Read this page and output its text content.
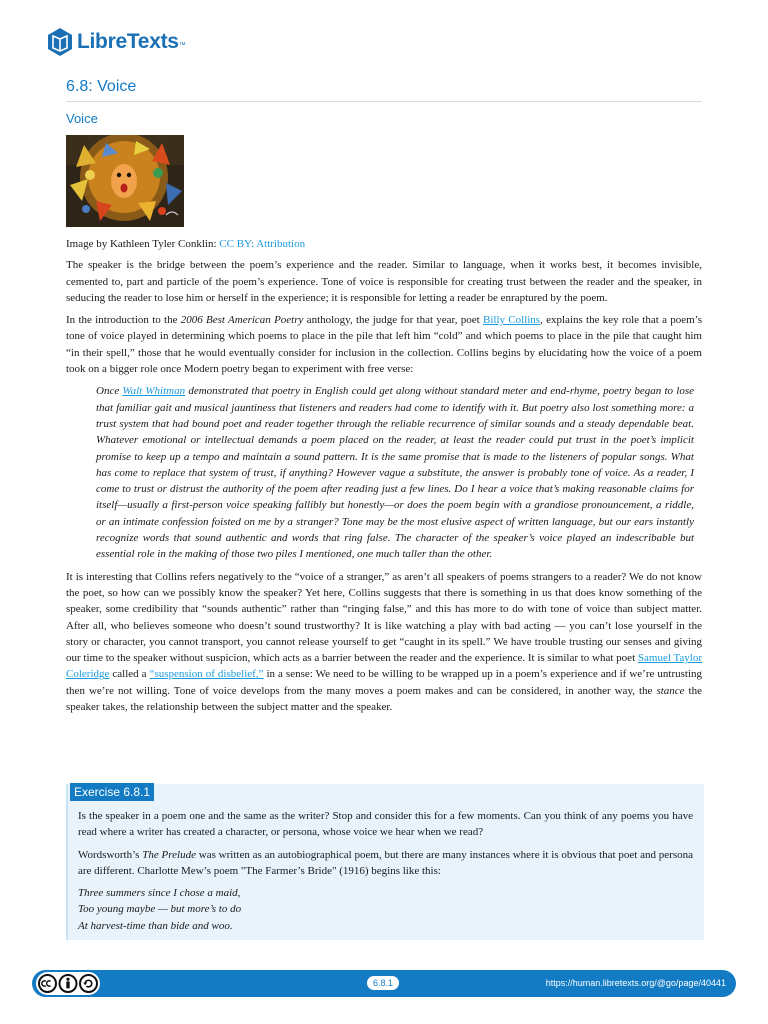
LibreTexts ™
6.8: Voice
Voice

Image by Kathleen Tyler Conklin: CC BY: Attribution

The speaker is the bridge between the poem’s experience and the reader. Similar to language, when it works best, it becomes invisible, cemented to, part and particle of the poem’s experience. Tone of voice is responsible for creating trust between the reader and the speaker, in seducing the reader to lose him or herself in the experience; it is responsible for letting a reader be enraptured by the poem.

In the introduction to the 2006 Best American Poetry anthology, the judge for that year, poet Billy Collins, explains the key role that a poem’s tone of voice played in determining which poems to place in the pile that left him “cold” and which poems to place in the pile that caught him “in their spell,” those that he would eventually consider for inclusion in the collection. Collins begins by elucidating how the voice of a poem took on a bigger role once Modern poetry began to experiment with free verse:

Once Walt Whitman demonstrated that poetry in English could get along without standard meter and end-rhyme, poetry began to lose that familiar gait and musical jauntiness that listeners and readers had come to identify with it. But poetry also lost something more: a trust system that had bound poet and reader together through the reliable recurrence of similar sounds and a steady dependable beat. Whatever emotional or intellectual demands a poem placed on the reader, at least the reader could put trust in the poet’s implicit promise to keep up a tempo and maintain a sound pattern. It is the same promise that is made to the listeners of popular songs. What has come to replace that system of trust, if anything? However vague a substitute, the answer is probably tone of voice. As a reader, I come to trust or distrust the authority of the poem after reading just a few lines. Do I hear a voice that’s making reasonable claims for itself—usually a first-person voice speaking fallibly but honestly—or does the poem begin with a grandiose pronouncement, a riddle, or an intimate confession foisted on me by a stranger? Tone may be the most elusive aspect of written language, but our ears instantly recognize words that sound authentic and words that ring false. The character of the speaker’s voice played an indescribable but essential role in the making of those two piles I mentioned, one much taller than the other.

It is interesting that Collins refers negatively to the “voice of a stranger,” as aren’t all speakers of poems strangers to a reader? We do not know the poet, so how can we possibly know the speaker? Yet here, Collins suggests that there is something in us that does know something of the speaker, some credibility that “sounds authentic” rather than “ringing false,” and this has more to do with tone of voice than subject matter. After all, who believes someone who doesn’t sound trustworthy? It is like watching a play with bad acting — you can’t lose yourself in the story or character, you cannot transport, you cannot release yourself to get “caught in its spell.” We have trouble trusting our senses and giving our time to the speaker without suspicion, which acts as a barrier between the reader and the experience. It is similar to what poet Samuel Taylor Coleridge called a “suspension of disbelief,” in a sense: We need to be willing to be wrapped up in a poem’s experience and if we’re untrusting then we’re not willing. Tone of voice develops from the many moves a poem makes and can be considered, in another way, the stance the speaker takes, the relationship between the subject matter and the speaker.

Exercise 6.8.1

Is the speaker in a poem one and the same as the writer? Stop and consider this for a few moments. Can you think of any poems you have read where a writer has created a character, or persona, whose voice we hear when we read?

Wordsworth’s The Prelude was written as an autobiographical poem, but there are many instances where it is obvious that poet and persona are different. Charlotte Mew’s poem "The Farmer’s Bride" (1916) begins like this:

Three summers since I chose a maid,
Too young maybe — but more’s to do
At harvest-time than bide and woo.

6.8.1	https://human.libretexts.org/@go/page/40441
